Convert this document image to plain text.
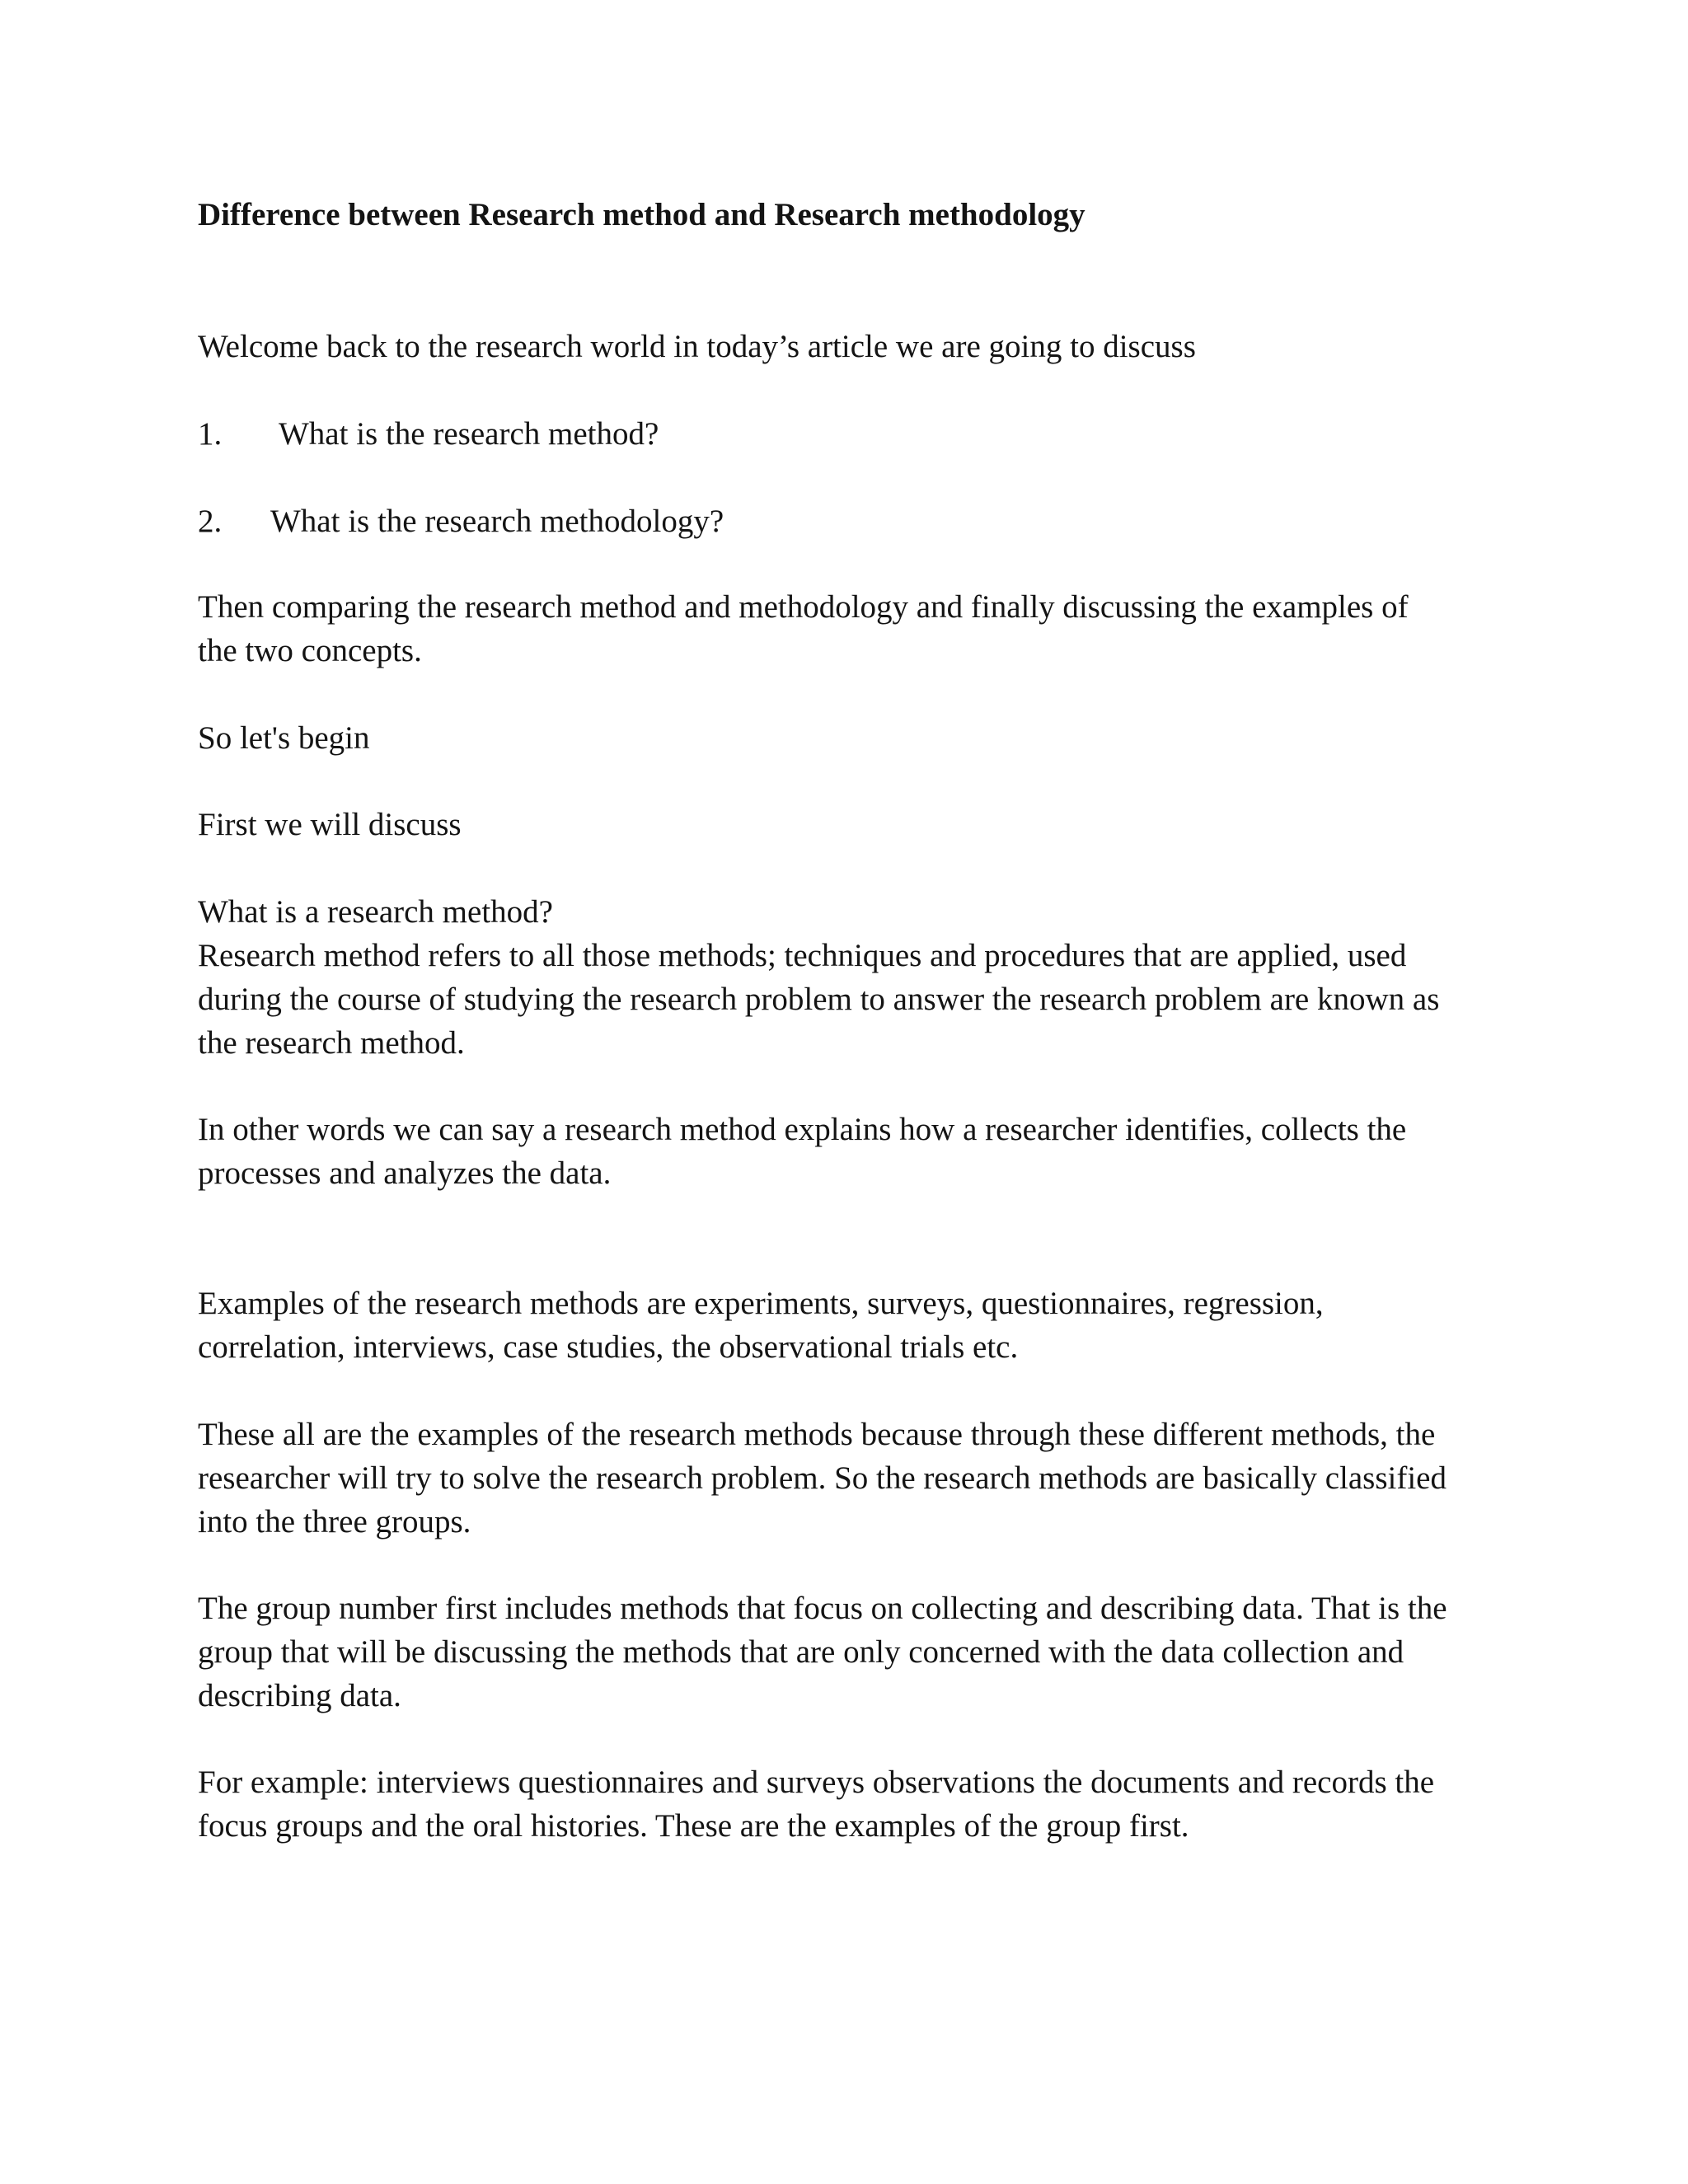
Difference between Research method and Research methodology

Welcome back to the research world in today’s article we are going to discuss

1. What is the research method?
2. What is the research methodology?

Then comparing the research method and methodology and finally discussing the examples of

the two concepts.

So let's begin

First we will discuss

What is a research method?

Research method refers to all those methods; techniques and procedures that are applied, used

during the course of studying the research problem to answer the research problem are known as

the research method.

In other words we can say a research method explains how a researcher identifies, collects the

processes and analyzes the data.

Examples of the research methods are experiments, surveys, questionnaires, regression,

correlation, interviews, case studies, the observational trials etc.

These all are the examples of the research methods because through these different methods, the

researcher will try to solve the research problem. So the research methods are basically classified

into the three groups.

The group number first includes methods that focus on collecting and describing data. That is the

group that will be discussing the methods that are only concerned with the data collection and

describing data.

For example: interviews questionnaires and surveys observations the documents and records the

focus groups and the oral histories. These are the examples of the group first.
